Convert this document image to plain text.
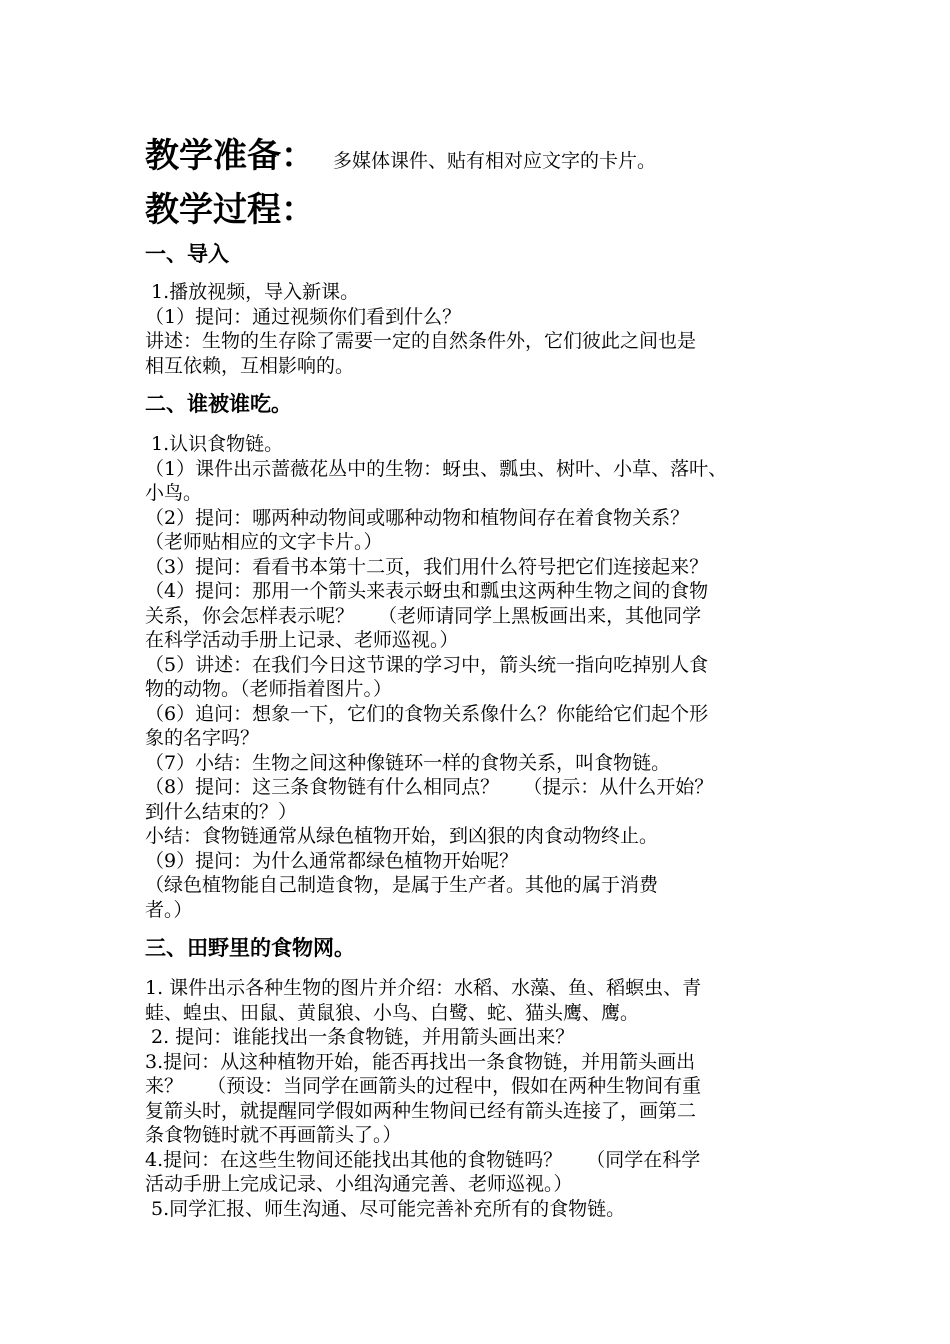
教学准备： 多媒体课件、贴有相对应文字的卡片。
教学过程：
一、导入

1.播放视频，导入新课。

（1）提问：通过视频你们看到什么？

讲述：生物的生存除了需要一定的自然条件外，它们彼此之间也是

相互依赖，互相影响的。

二、谁被谁吃。

1.认识食物链。

（1）课件出示蔷薇花丛中的生物：蚜虫、瓢虫、树叶、小草、落叶、

小鸟。

（2）提问：哪两种动物间或哪种动物和植物间存在着食物关系？

（老师贴相应的文字卡片。）

（3）提问：看看书本第十二页，我们用什么符号把它们连接起来？

（4）提问：那用一个箭头来表示蚜虫和瓢虫这两种生物之间的食物

关系，你会怎样表示呢？    （老师请同学上黑板画出来，其他同学

在科学活动手册上记录、老师巡视。）

（5）讲述：在我们今日这节课的学习中，箭头统一指向吃掉别人食

物的动物。（老师指着图片。）

（6）追问：想象一下，它们的食物关系像什么？你能给它们起个形

象的名字吗？

（7）小结：生物之间这种像链环一样的食物关系，叫食物链。

（8）提问：这三条食物链有什么相同点？    （提示：从什么开始？

到什么结束的？）

小结：食物链通常从绿色植物开始，到凶狠的肉食动物终止。

（9）提问：为什么通常都绿色植物开始呢？

（绿色植物能自己制造食物，是属于生产者。其他的属于消费

者。）

三、田野里的食物网。

1. 课件出示各种生物的图片并介绍：水稻、水藻、鱼、稻螟虫、青

蛙、蝗虫、田鼠、黄鼠狼、小鸟、白鹭、蛇、猫头鹰、鹰。

2. 提问：谁能找出一条食物链，并用箭头画出来？

3.提问：从这种植物开始，能否再找出一条食物链，并用箭头画出

来？    （预设：当同学在画箭头的过程中，假如在两种生物间有重

复箭头时，就提醒同学假如两种生物间已经有箭头连接了，画第二

条食物链时就不再画箭头了。）

4.提问：在这些生物间还能找出其他的食物链吗？    （同学在科学

活动手册上完成记录、小组沟通完善、老师巡视。）

5.同学汇报、师生沟通、尽可能完善补充所有的食物链。
